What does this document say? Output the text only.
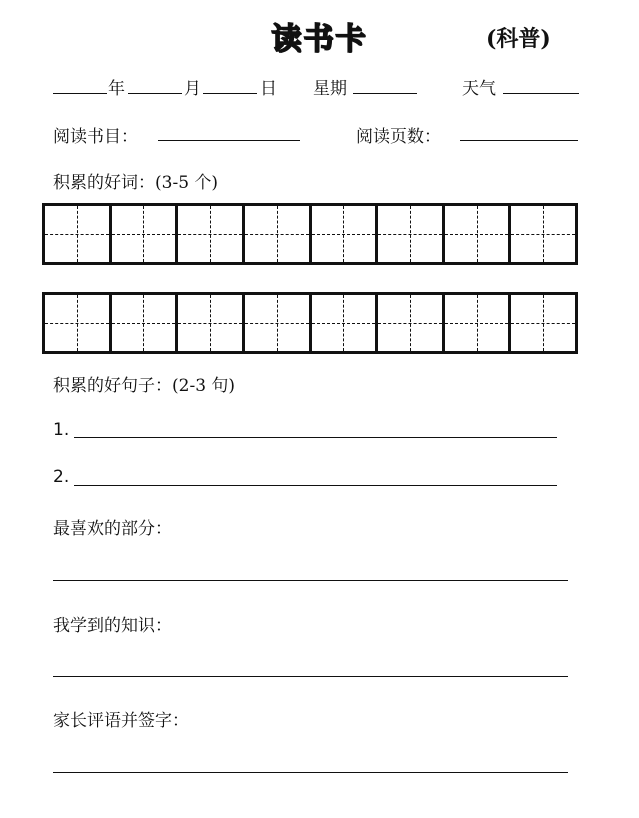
读书卡	(科普)
年	月	日 星期	天气
阅读书目：	阅读页数：
积累的好词：(3-5 个)
积累的好句子：(2-3 句)
1.
2.
最喜欢的部分：
我学到的知识：
家长评语并签字：
